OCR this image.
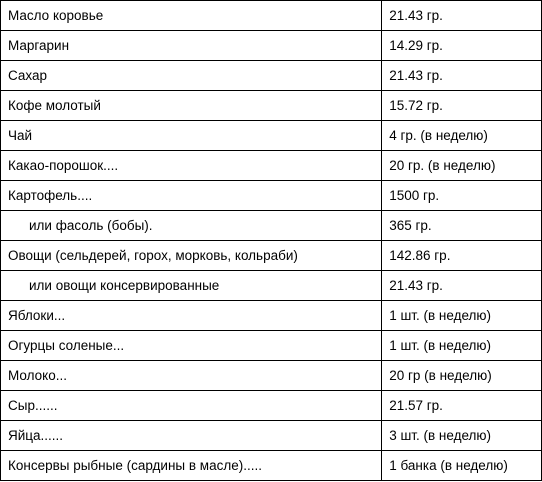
Масло коровье	21.43 гр.
Маргарин	14.29 гр.
Сахар	21.43 гр.
Кофе молотый	15.72 гр.
Чай	4 гр. (в неделю)
Какао-порошок....	20 гр. (в неделю)
Картофель....	1500 гр.
или фасоль (бобы).	365 гр.
Овощи (сельдерей, горох, морковь, кольраби)	142.86 гр.
или овощи консервированные	21.43 гр.
Яблоки...	1 шт. (в неделю)
Огурцы соленые...	1 шт. (в неделю)
Молоко...	20 гр (в неделю)
Сыр......	21.57 гр.
Яйца......	3 шт. (в неделю)
Консервы рыбные (сардины в масле).....	1 банка (в неделю)
